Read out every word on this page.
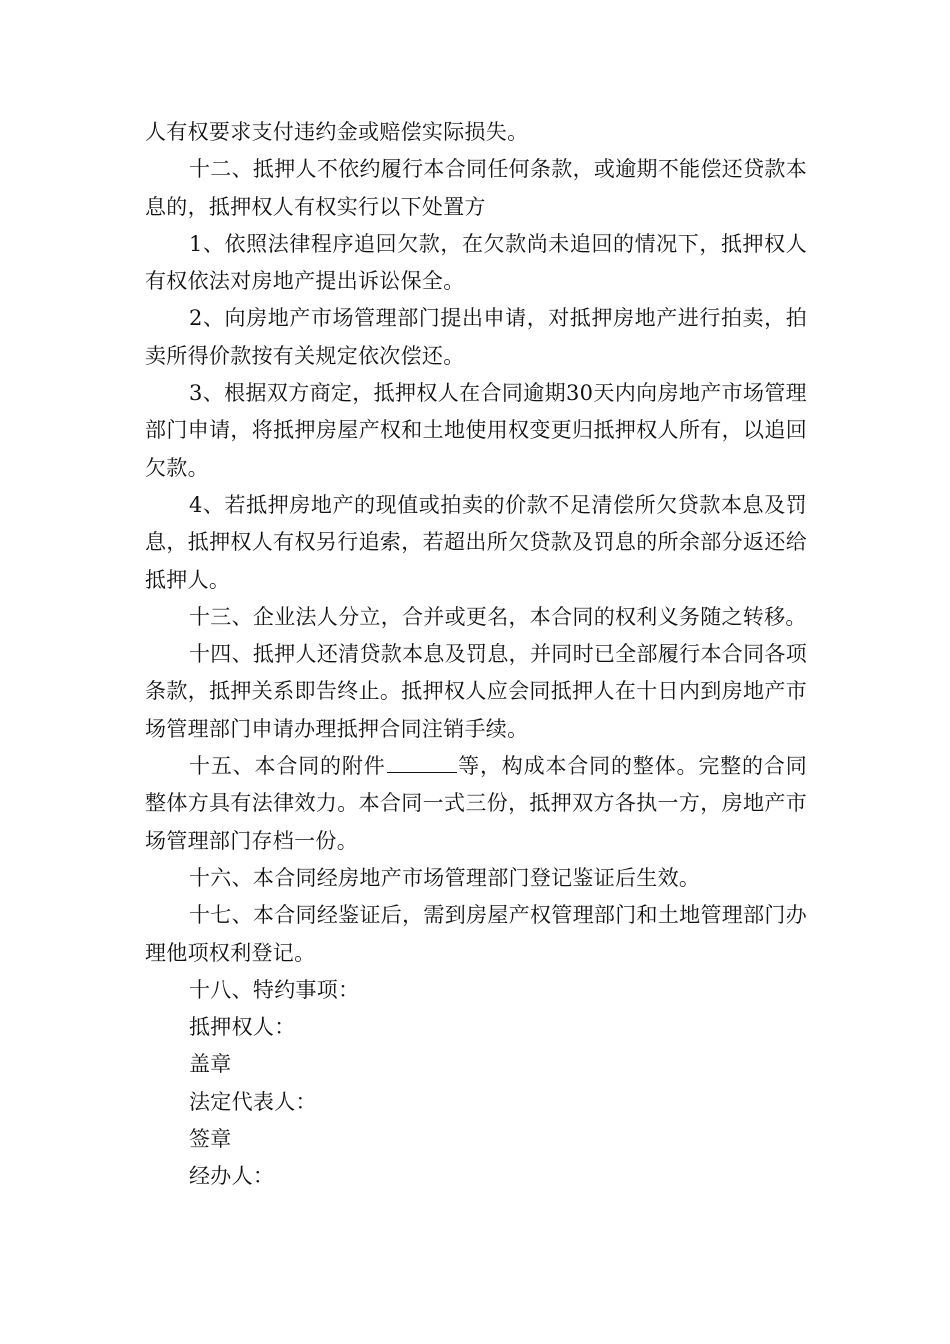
人有权要求支付违约金或赔偿实际损失。

十二、抵押人不依约履行本合同任何条款，或逾期不能偿还贷款本息的，抵押权人有权实行以下处置方

1、依照法律程序追回欠款，在欠款尚未追回的情况下，抵押权人有权依法对房地产提出诉讼保全。

2、向房地产市场管理部门提出申请，对抵押房地产进行拍卖，拍卖所得价款按有关规定依次偿还。

3、根据双方商定，抵押权人在合同逾期30天内向房地产市场管理部门申请，将抵押房屋产权和土地使用权变更归抵押权人所有，以追回欠款。

4、若抵押房地产的现值或拍卖的价款不足清偿所欠贷款本息及罚息，抵押权人有权另行追索，若超出所欠贷款及罚息的所余部分返还给抵押人。

十三、企业法人分立，合并或更名，本合同的权利义务随之转移。

十四、抵押人还清贷款本息及罚息，并同时已全部履行本合同各项条款，抵押关系即告终止。抵押权人应会同抵押人在十日内到房地产市场管理部门申请办理抵押合同注销手续。

十五、本合同的附件	等，构成本合同的整体。完整的合同整体方具有法律效力。本合同一式三份，抵押双方各执一方，房地产市场管理部门存档一份。

十六、本合同经房地产市场管理部门登记鉴证后生效。

十七、本合同经鉴证后，需到房屋产权管理部门和土地管理部门办理他项权利登记。

十八、特约事项：

抵押权人：

盖章

法定代表人：

签章

经办人：
